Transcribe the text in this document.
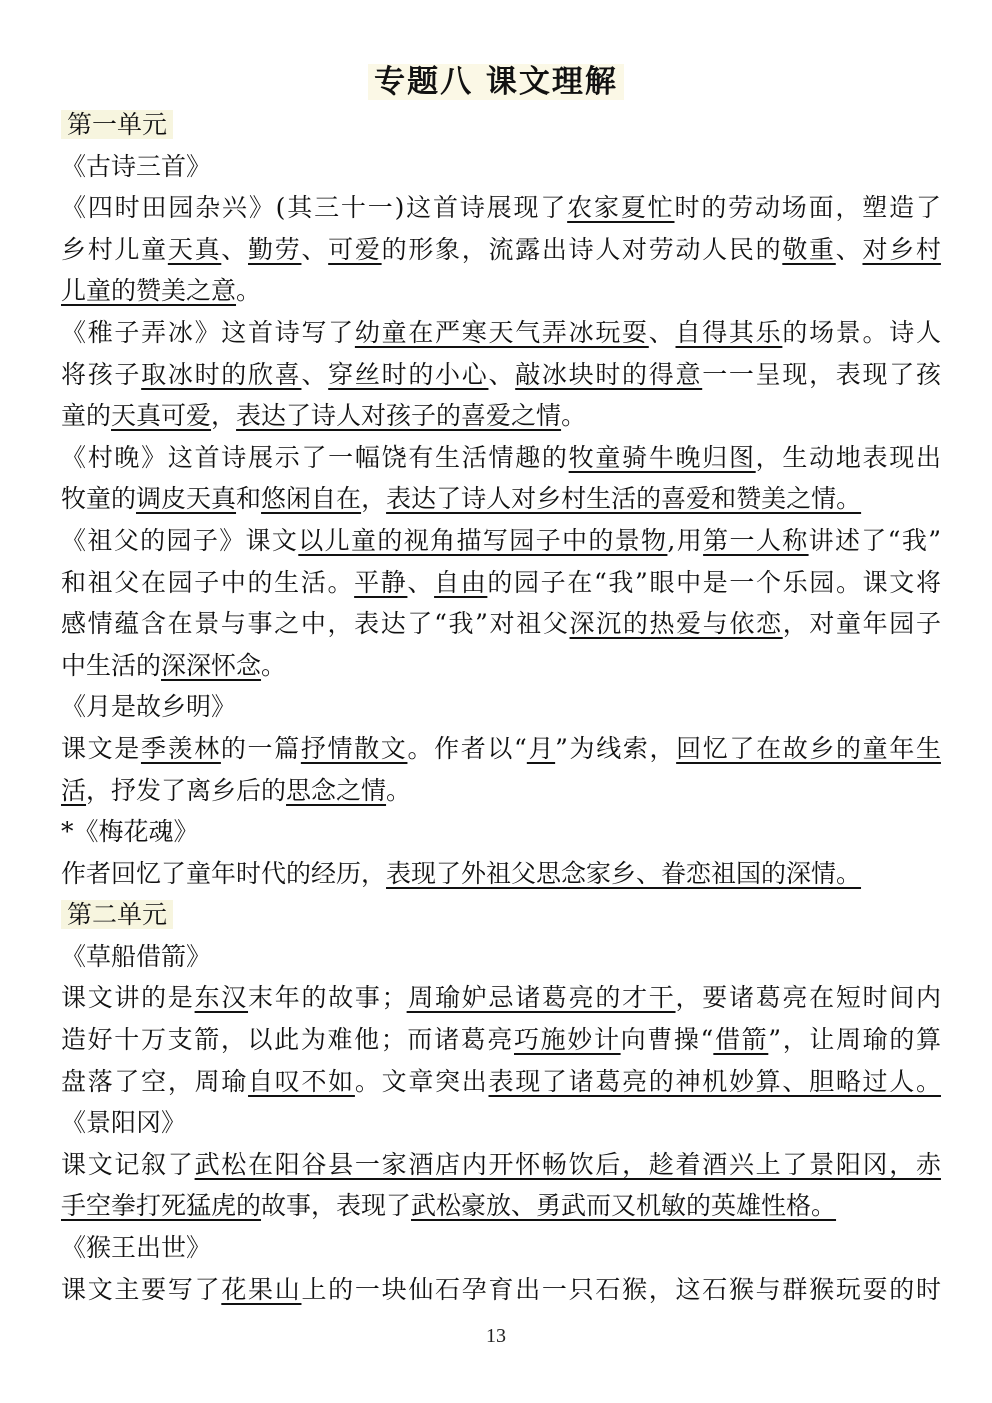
专题八 课文理解
第一单元
《古诗三首》
《四时田园杂兴》(其三十一)这首诗展现了农家夏忙时的劳动场面，塑造了
乡村儿童天真、勤劳、可爱的形象，流露出诗人对劳动人民的敬重、对乡村
儿童的赞美之意。
《稚子弄冰》这首诗写了幼童在严寒天气弄冰玩耍、自得其乐的场景。诗人
将孩子取冰时的欣喜、穿丝时的小心、敲冰块时的得意一一呈现，表现了孩
童的天真可爱，表达了诗人对孩子的喜爱之情。
《村晚》这首诗展示了一幅饶有生活情趣的牧童骑牛晚归图，生动地表现出
牧童的调皮天真和悠闲自在，表达了诗人对乡村生活的喜爱和赞美之情。
《祖父的园子》课文以儿童的视角描写园子中的景物,用第一人称讲述了“我”
和祖父在园子中的生活。平静、自由的园子在“我”眼中是一个乐园。课文将
感情蕴含在景与事之中，表达了“我”对祖父深沉的热爱与依恋，对童年园子
中生活的深深怀念。
《月是故乡明》
课文是季羡林的一篇抒情散文。作者以“月”为线索，回忆了在故乡的童年生
活，抒发了离乡后的思念之情。
*《梅花魂》
作者回忆了童年时代的经历，表现了外祖父思念家乡、眷恋祖国的深情。
第二单元
《草船借箭》
课文讲的是东汉末年的故事；周瑜妒忌诸葛亮的才干，要诸葛亮在短时间内
造好十万支箭，以此为难他；而诸葛亮巧施妙计向曹操“借箭”，让周瑜的算
盘落了空，周瑜自叹不如。文章突出表现了诸葛亮的神机妙算、胆略过人。
《景阳冈》
课文记叙了武松在阳谷县一家酒店内开怀畅饮后，趁着酒兴上了景阳冈，赤
手空拳打死猛虎的故事，表现了武松豪放、勇武而又机敏的英雄性格。
《猴王出世》
课文主要写了花果山上的一块仙石孕育出一只石猴，这石猴与群猴玩耍的时
13
